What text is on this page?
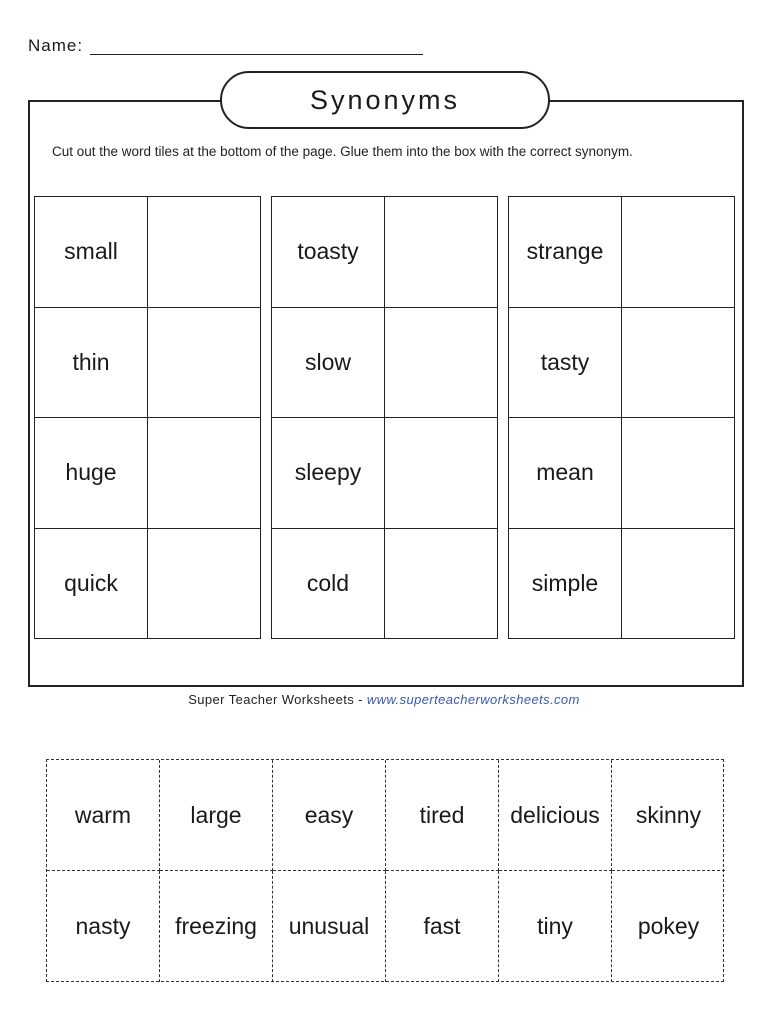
Name:
Synonyms
Cut out the word tiles at the bottom of the page. Glue them into the box with the correct synonym.
small
thin
huge
quick
toasty
slow
sleepy
cold
strange
tasty
mean
simple
Super Teacher Worksheets - www.superteacherworksheets.com
warm	large	easy	tired	delicious	skinny
nasty	freezing	unusual	fast	tiny	pokey
